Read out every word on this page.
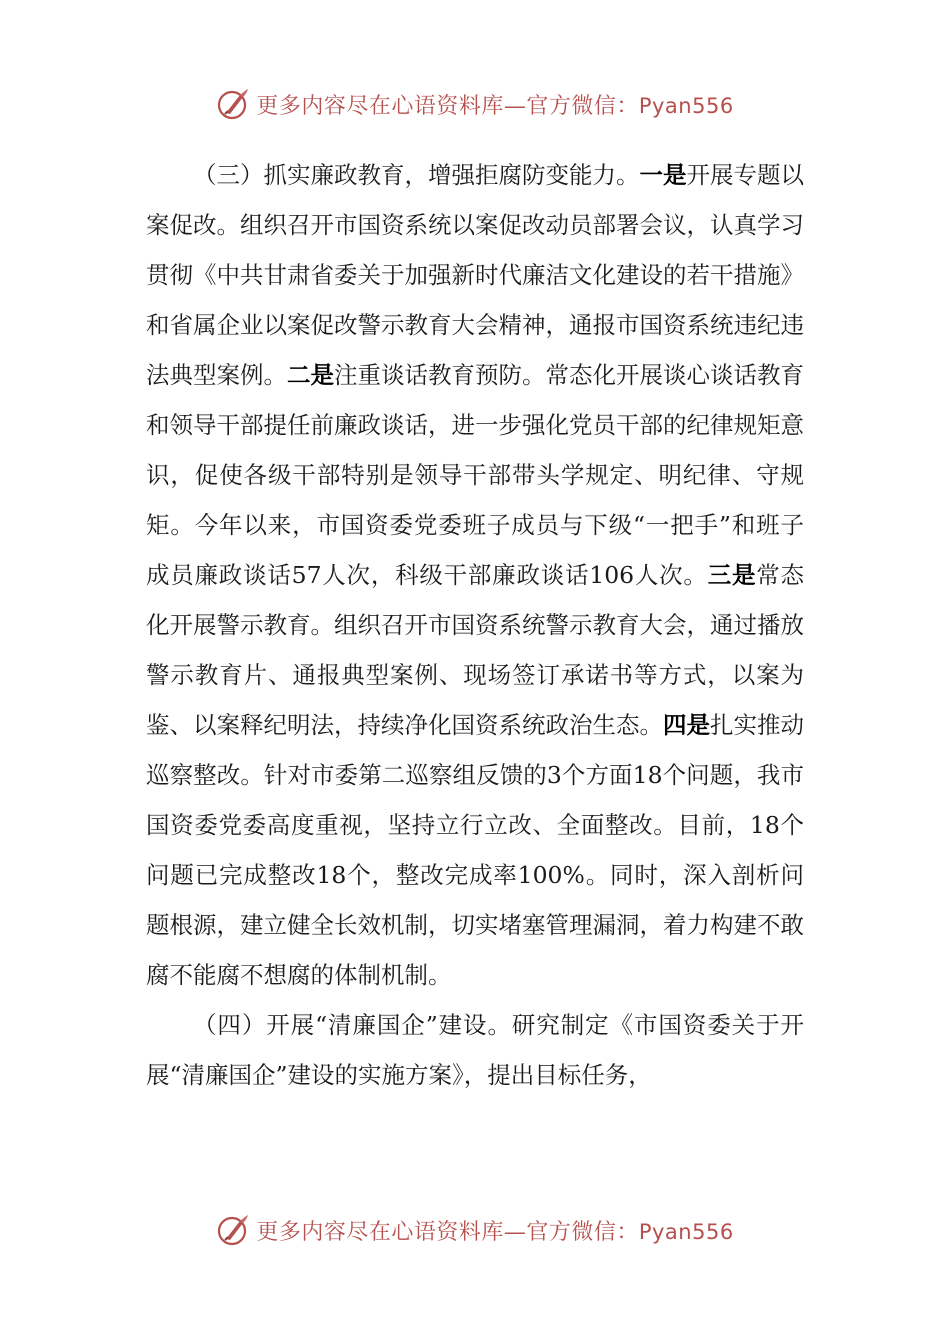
更多内容尽在心语资料库—官方微信：Pyan556

（三）抓实廉政教育，增强拒腐防变能力。一是开展专题以案促改。组织召开市国资系统以案促改动员部署会议，认真学习贯彻《中共甘肃省委关于加强新时代廉洁文化建设的若干措施》和省属企业以案促改警示教育大会精神，通报市国资系统违纪违法典型案例。二是注重谈话教育预防。常态化开展谈心谈话教育和领导干部提任前廉政谈话，进一步强化党员干部的纪律规矩意识，促使各级干部特别是领导干部带头学规定、明纪律、守规矩。今年以来，市国资委党委班子成员与下级“一把手”和班子成员廉政谈话57人次，科级干部廉政谈话106人次。三是常态化开展警示教育。组织召开市国资系统警示教育大会，通过播放警示教育片、通报典型案例、现场签订承诺书等方式，以案为鉴、以案释纪明法，持续净化国资系统政治生态。四是扎实推动巡察整改。针对市委第二巡察组反馈的3个方面18个问题，我市国资委党委高度重视，坚持立行立改、全面整改。目前，18个问题已完成整改18个，整改完成率100%。同时，深入剖析问题根源，建立健全长效机制，切实堵塞管理漏洞，着力构建不敢腐不能腐不想腐的体制机制。

（四）开展“清廉国企”建设。研究制定《市国资委关于开展“清廉国企”建设的实施方案》，提出目标任务，

更多内容尽在心语资料库—官方微信：Pyan556
